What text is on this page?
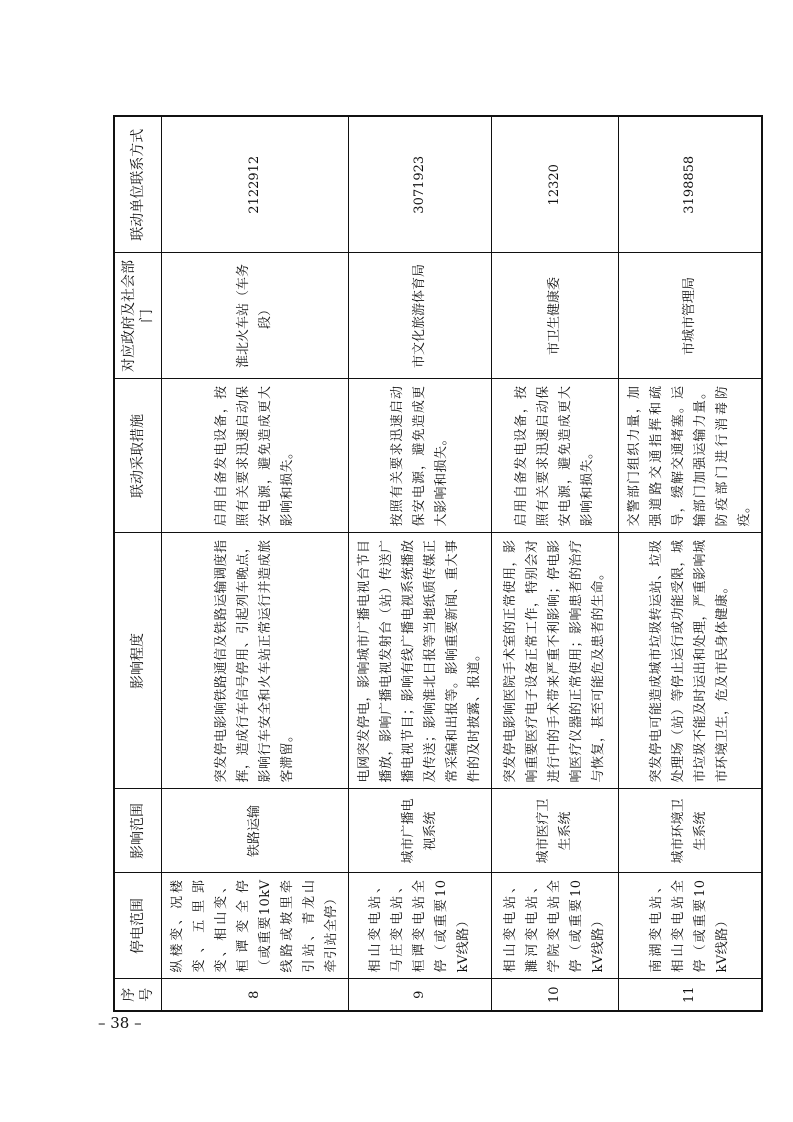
序号	停电范围	影响范围	影响程度	联动采取措施	对应政府及社会部门	联动单位联系方式
8	纵楼变、况楼变、五里郢变、相山变、桓谭变全停（或重要10kV线路或坡里牵引站、青龙山牵引站全停）	铁路运输	突发停电影响铁路通信及铁路运输调度指挥，造成行车信号停用、引起列车晚点，影响行车安全和火车站正常运行并造成旅客滞留。	启用自备发电设备，按照有关要求迅速启动保安电源，避免造成更大影响和损失。	淮北火车站（车务段）	2122912
9	相山变电站、马庄变电站、桓谭变电站全停（或重要10kV线路）	城市广播电视系统	电网突发停电，影响城市广播电视台节目播放，影响广播电视发射台（站）传送广播电视节目；影响有线广播电视系统播放及传送；影响淮北日报等当地纸质传媒正常采编和出报等。影响重要新闻、重大事件的及时披露、报道。	按照有关要求迅速启动保安电源，避免造成更大影响和损失。	市文化旅游体育局	3071923
10	相山变电站、濉河变电站、学院变电站全停（或重要10kV线路）	城市医疗卫生系统	突发停电影响医院手术室的正常使用，影响重要医疗电子设备正常工作，特别会对进行中的手术带来严重不利影响；停电影响医疗仪器的正常使用；影响患者的治疗与恢复，甚至可能危及患者的生命。	启用自备发电设备，按照有关要求迅速启动保安电源，避免造成更大影响和损失。	市卫生健康委	12320
11	南湖变电站、相山变电站全停（或重要10kV线路）	城市环境卫生系统	突发停电可能造成城市垃圾转运站、垃圾处理场（站）等停止运行或功能受限，城市垃圾不能及时运出和处理，严重影响城市环境卫生，危及市民身体健康。	交警部门组织力量，加强道路交通指挥和疏导，缓解交通堵塞。运输部门加强运输力量。防疫部门进行消毒防疫。	市城市管理局	3198858
– 38 –
